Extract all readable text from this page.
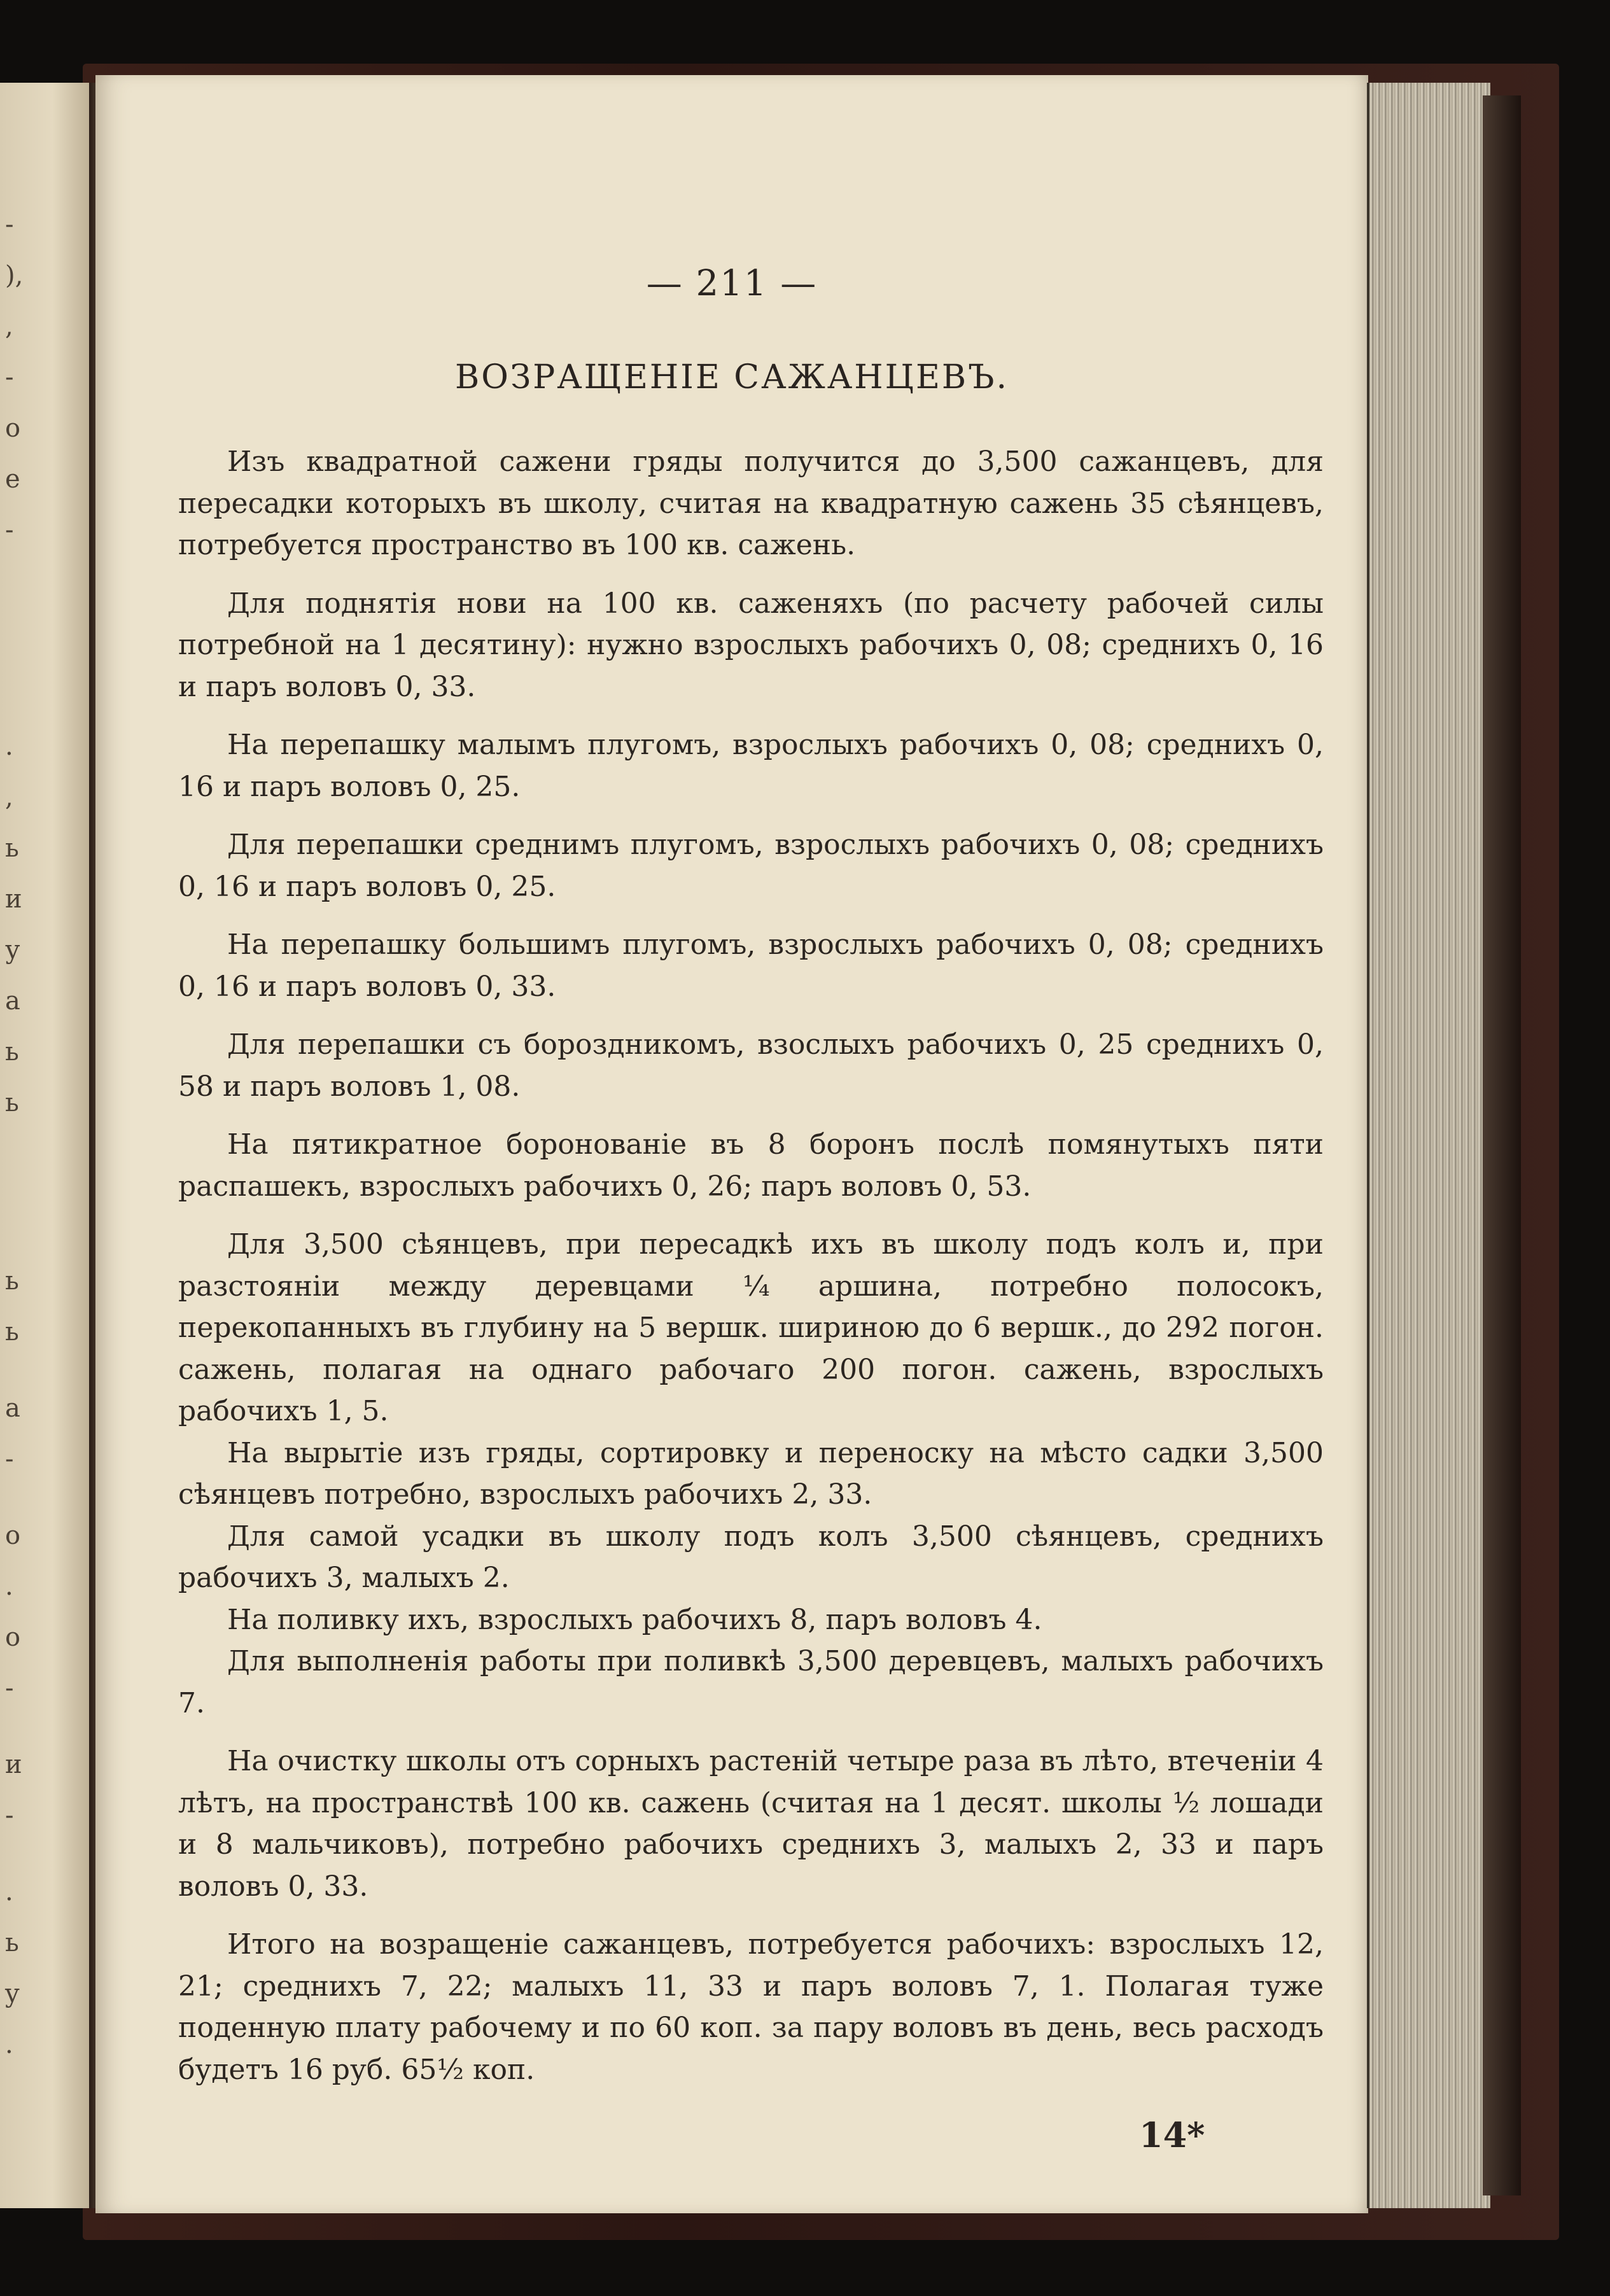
-
),
,
-
o
e
-
.
,
ь
и
у
a
ь
ь
ь
ь
a
-
o
.
o
-
и
-
.
ь
y
.
— 211 —
ВОЗРАЩЕНІЕ САЖАНЦЕВЪ.

Изъ квадратной сажени гряды получится до 3,500 сажанцевъ, для пересадки которыхъ въ школу, считая на квадратную сажень 35 сѣянцевъ, потребуется пространство въ 100 кв. сажень.

Для поднятія нови на 100 кв. саженяхъ (по расчету рабочей силы потребной на 1 десятину): нужно взрослыхъ рабочихъ 0, 08; среднихъ 0, 16 и паръ воловъ 0, 33.

На перепашку малымъ плугомъ, взрослыхъ рабочихъ 0, 08; среднихъ 0, 16 и паръ воловъ 0, 25.

Для перепашки среднимъ плугомъ, взрослыхъ рабочихъ 0, 08; среднихъ 0, 16 и паръ воловъ 0, 25.

На перепашку большимъ плугомъ, взрослыхъ рабочихъ 0, 08; среднихъ 0, 16 и паръ воловъ 0, 33.

Для перепашки съ бороздникомъ, взослыхъ рабочихъ 0, 25 среднихъ 0, 58 и паръ воловъ 1, 08.

На пятикратное боронованіе въ 8 боронъ послѣ помянутыхъ пяти распашекъ, взрослыхъ рабочихъ 0, 26; паръ воловъ 0, 53.

Для 3,500 сѣянцевъ, при пересадкѣ ихъ въ школу подъ колъ и, при разстояніи между деревцами ¼ аршина, потребно полосокъ, перекопанныхъ въ глубину на 5 вершк. шириною до 6 вершк., до 292 погон. сажень, полагая на однаго рабочаго 200 погон. сажень, взрослыхъ рабочихъ 1, 5.

На вырытіе изъ гряды, сортировку и переноску на мѣсто садки 3,500 сѣянцевъ потребно, взрослыхъ рабочихъ 2, 33.

Для самой усадки въ школу подъ колъ 3,500 сѣянцевъ, среднихъ рабочихъ 3, малыхъ 2.

На поливку ихъ, взрослыхъ рабочихъ 8, паръ воловъ 4.

Для выполненія работы при поливкѣ 3,500 деревцевъ, малыхъ рабочихъ 7.

На очистку школы отъ сорныхъ растеній четыре раза въ лѣто, втеченіи 4 лѣтъ, на пространствѣ 100 кв. сажень (считая на 1 десят. школы ½ лошади и 8 мальчиковъ), потребно рабочихъ среднихъ 3, малыхъ 2, 33 и паръ воловъ 0, 33.

Итого на возращеніе сажанцевъ, потребуется рабочихъ: взрослыхъ 12, 21; среднихъ 7, 22; малыхъ 11, 33 и паръ воловъ 7, 1. Полагая туже поденную плату рабочему и по 60 коп. за пару воловъ въ день, весь расходъ будетъ 16 руб. 65½ коп.

14*
